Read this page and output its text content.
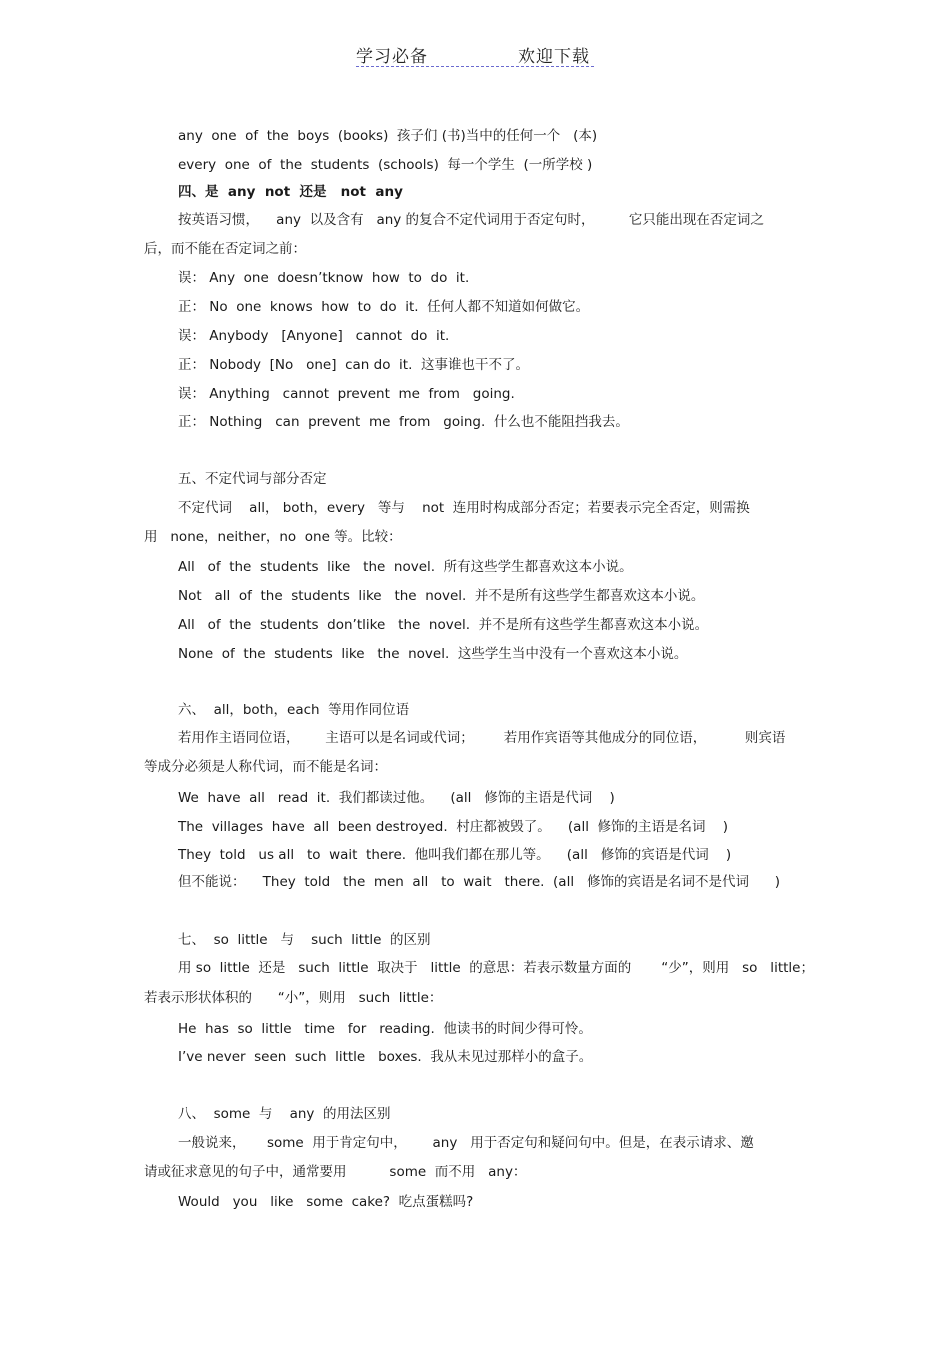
学习必备	欢迎下载
any  one  of  the  boys  (books)  孩子们 (书)当中的任何一个   (本)
every  one  of  the  students  (schools)  每一个学生  (一所学校 )
四、是  any  not  还是   not  any
按英语习惯，    any  以及含有   any 的复合不定代词用于否定句时，        它只能出现在否定词之
后，而不能在否定词之前：
误： Any  one  doesn’tknow  how  to  do  it.
正： No  one  knows  how  to  do  it.  任何人都不知道如何做它。
误： Anybody   [Anyone]   cannot  do  it.
正： Nobody  [No   one]  can do  it.  这事谁也干不了。
误： Anything   cannot  prevent  me  from   going.
正： Nothing   can  prevent  me  from   going.  什么也不能阻挡我去。
五、不定代词与部分否定
不定代词    all， both，every   等与    not  连用时构成部分否定；若要表示完全否定，则需换
用   none，neither，no  one 等。比较：
All   of  the  students  like   the  novel.  所有这些学生都喜欢这本小说。
Not   all  of  the  students  like   the  novel.  并不是所有这些学生都喜欢这本小说。
All   of  the  students  don’tlike   the  novel.  并不是所有这些学生都喜欢这本小说。
None  of  the  students  like   the  novel.  这些学生当中没有一个喜欢这本小说。
六、  all，both，each  等用作同位语
若用作主语同位语，      主语可以是名词或代词；       若用作宾语等其他成分的同位语，         则宾语
等成分必须是人称代词，而不能是名词：
We  have  all   read  it.  我们都读过他。    (all   修饰的主语是代词    )
The  villages  have  all  been destroyed.  村庄都被毁了。    (all  修饰的主语是名词    )
They  told   us all   to  wait  there.  他叫我们都在那儿等。    (all   修饰的宾语是代词    )
但不能说：    They  told   the  men  all   to  wait   there.  (all   修饰的宾语是名词不是代词      )
七、  so  little   与    such  little  的区别
用 so  little  还是   such  little  取决于   little  的意思：若表示数量方面的       “少”，则用   so   little；
若表示形状体积的      “小”，则用   such  little：
He  has  so  little   time   for   reading.  他读书的时间少得可怜。
I’ve never  seen  such  little   boxes.  我从未见过那样小的盒子。
八、  some  与    any  的用法区别
一般说来，     some  用于肯定句中，      any   用于否定句和疑问句中。但是，在表示请求、邀
请或征求意见的句子中，通常要用          some  而不用   any：
Would   you   like   some  cake?  吃点蛋糕吗?
